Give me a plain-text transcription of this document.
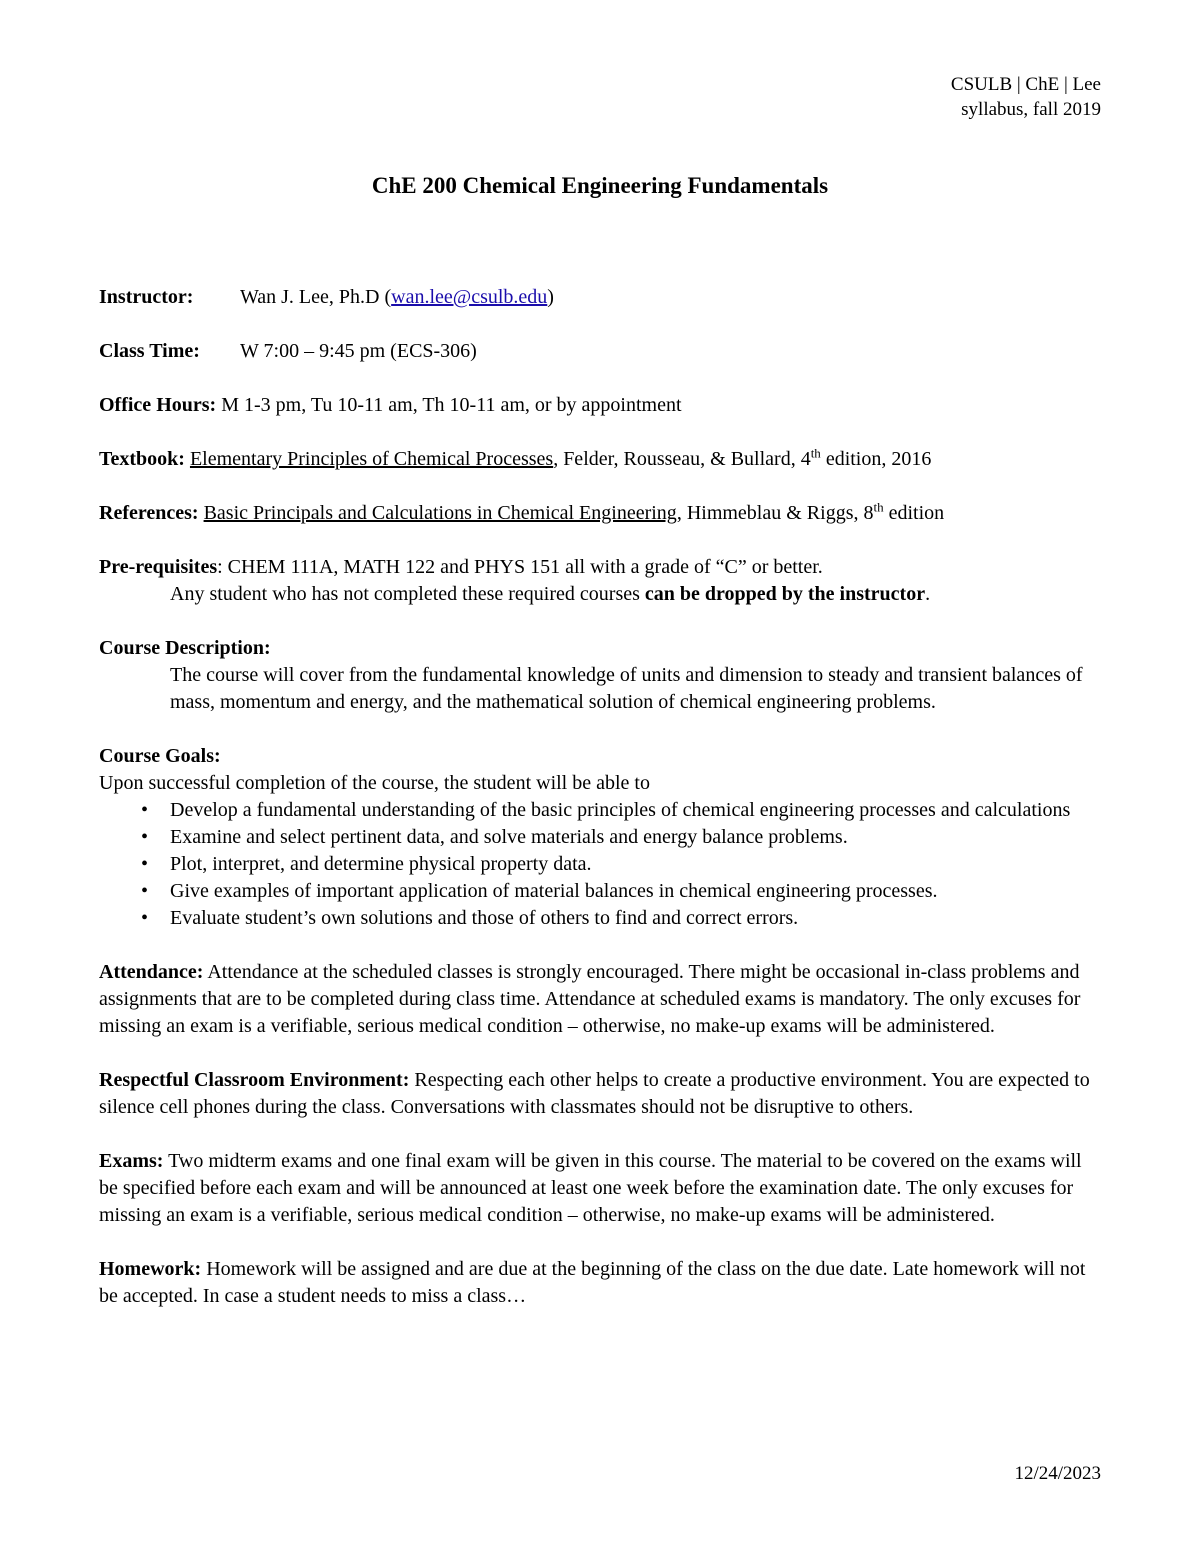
CSULB | ChE | Lee
syllabus, fall 2019
ChE 200 Chemical Engineering Fundamentals
Instructor: Wan J. Lee, Ph.D (wan.lee@csulb.edu)
Class Time: W 7:00 – 9:45 pm (ECS-306)
Office Hours: M 1-3 pm, Tu 10-11 am, Th 10-11 am, or by appointment
Textbook: Elementary Principles of Chemical Processes, Felder, Rousseau, & Bullard, 4th edition, 2016
References: Basic Principals and Calculations in Chemical Engineering, Himmeblau & Riggs, 8th edition
Pre-requisites: CHEM 111A, MATH 122 and PHYS 151 all with a grade of “C” or better.
Any student who has not completed these required courses can be dropped by the instructor.
Course Description:
The course will cover from the fundamental knowledge of units and dimension to steady and transient balances of mass, momentum and energy, and the mathematical solution of chemical engineering problems.
Course Goals:
Upon successful completion of the course, the student will be able to
• Develop a fundamental understanding of the basic principles of chemical engineering processes and calculations
• Examine and select pertinent data, and solve materials and energy balance problems.
• Plot, interpret, and determine physical property data.
• Give examples of important application of material balances in chemical engineering processes.
• Evaluate student’s own solutions and those of others to find and correct errors.
Attendance: Attendance at the scheduled classes is strongly encouraged. There might be occasional in-class problems and assignments that are to be completed during class time. Attendance at scheduled exams is mandatory. The only excuses for missing an exam is a verifiable, serious medical condition – otherwise, no make-up exams will be administered.
Respectful Classroom Environment: Respecting each other helps to create a productive environment. You are expected to silence cell phones during the class. Conversations with classmates should not be disruptive to others.
Exams: Two midterm exams and one final exam will be given in this course. The material to be covered on the exams will be specified before each exam and will be announced at least one week before the examination date. The only excuses for missing an exam is a verifiable, serious medical condition – otherwise, no make-up exams will be administered.
Homework: Homework will be assigned and are due at the beginning of the class on the due date. Late homework will not be accepted. In case a student needs to miss a class…
12/24/2023
